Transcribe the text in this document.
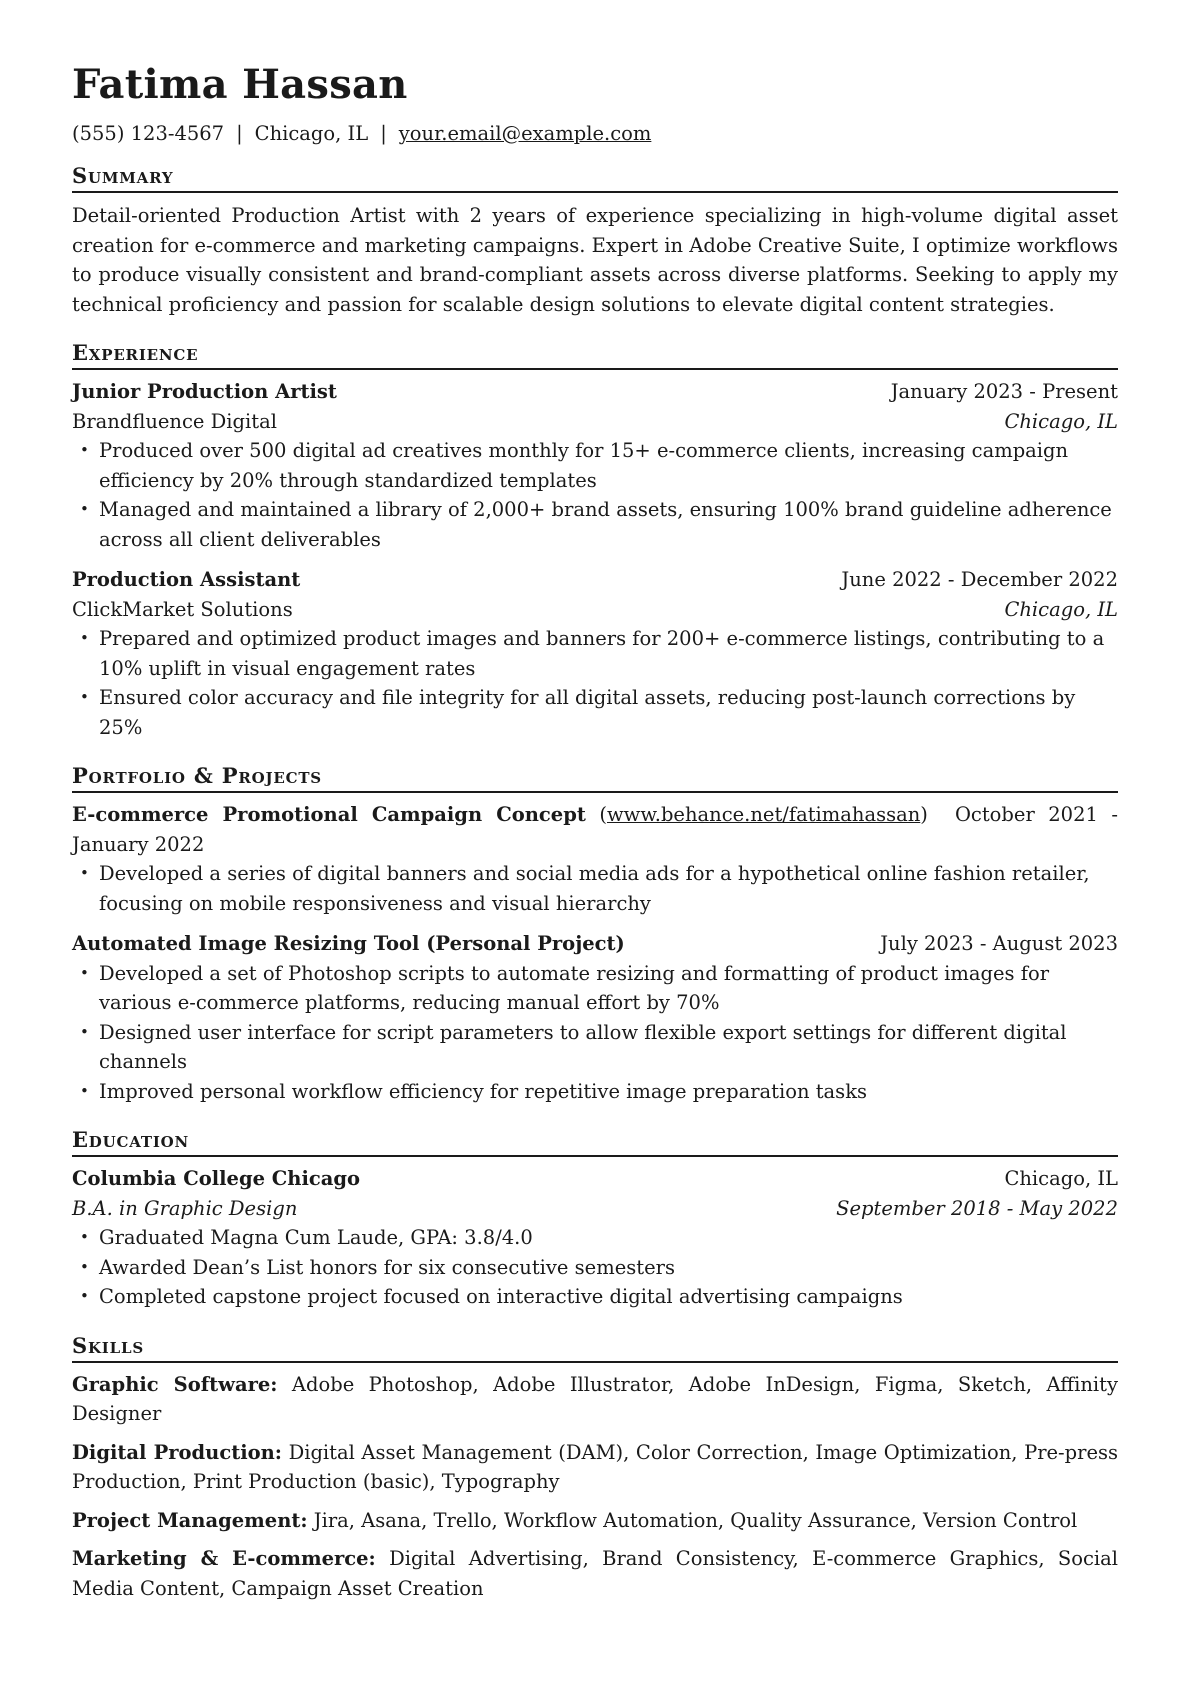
Fatima Hassan
(555) 123-4567 | Chicago, IL | your.email@example.com
Summary
Detail-oriented Production Artist with 2 years of experience specializing in high-volume digital asset creation for e-commerce and marketing campaigns. Expert in Adobe Creative Suite, I optimize workflows to produce visually consistent and brand-compliant assets across diverse platforms. Seeking to apply my technical proficiency and passion for scalable design solutions to elevate digital content strategies.
Experience
Junior Production Artist	January 2023 - Present
Brandfluence Digital	Chicago, IL
• Produced over 500 digital ad creatives monthly for 15+ e-commerce clients, increasing campaign efficiency by 20% through standardized templates
• Managed and maintained a library of 2,000+ brand assets, ensuring 100% brand guideline adherence across all client deliverables
Production Assistant	June 2022 - December 2022
ClickMarket Solutions	Chicago, IL
• Prepared and optimized product images and banners for 200+ e-commerce listings, contributing to a 10% uplift in visual engagement rates
• Ensured color accuracy and file integrity for all digital assets, reducing post-launch corrections by 25%
Portfolio & Projects
E-commerce Promotional Campaign Concept (www.behance.net/fatimahassan)  October 2021 - January 2022
• Developed a series of digital banners and social media ads for a hypothetical online fashion retailer, focusing on mobile responsiveness and visual hierarchy
Automated Image Resizing Tool (Personal Project)	July 2023 - August 2023
• Developed a set of Photoshop scripts to automate resizing and formatting of product images for various e-commerce platforms, reducing manual effort by 70%
• Designed user interface for script parameters to allow flexible export settings for different digital channels
• Improved personal workflow efficiency for repetitive image preparation tasks
Education
Columbia College Chicago	Chicago, IL
B.A. in Graphic Design	September 2018 - May 2022
• Graduated Magna Cum Laude, GPA: 3.8/4.0
• Awarded Dean’s List honors for six consecutive semesters
• Completed capstone project focused on interactive digital advertising campaigns
Skills
Graphic Software: Adobe Photoshop, Adobe Illustrator, Adobe InDesign, Figma, Sketch, Affinity Designer
Digital Production: Digital Asset Management (DAM), Color Correction, Image Optimization, Pre-press Production, Print Production (basic), Typography
Project Management: Jira, Asana, Trello, Workflow Automation, Quality Assurance, Version Control
Marketing & E-commerce: Digital Advertising, Brand Consistency, E-commerce Graphics, Social Media Content, Campaign Asset Creation
